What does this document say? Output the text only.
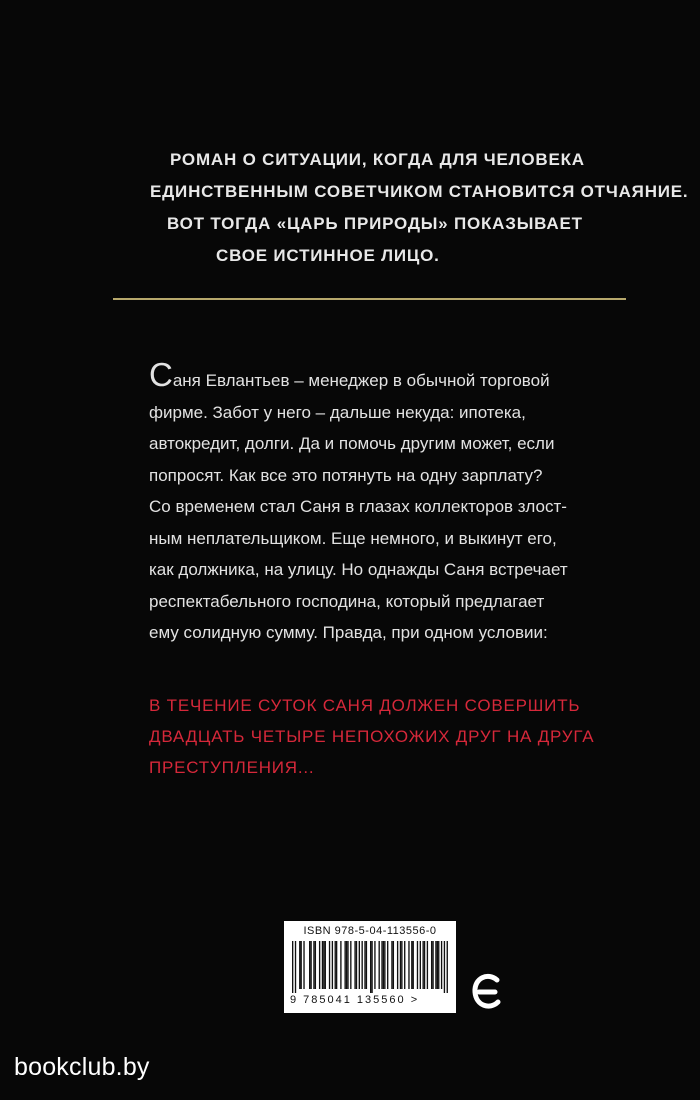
РОМАН О СИТУАЦИИ, КОГДА ДЛЯ ЧЕЛОВЕКА
ЕДИНСТВЕННЫМ СОВЕТЧИКОМ СТАНОВИТСЯ ОТЧАЯНИЕ.
ВОТ ТОГДА «ЦАРЬ ПРИРОДЫ» ПОКАЗЫВАЕТ
СВОЕ ИСТИННОЕ ЛИЦО.
Саня Евлантьев – менеджер в обычной торговой
фирме. Забот у него – дальше некуда: ипотека,
автокредит, долги. Да и помочь другим может, если
попросят. Как все это потянуть на одну зарплату?
Со временем стал Саня в глазах коллекторов злост-
ным неплательщиком. Еще немного, и выкинут его,
как должника, на улицу. Но однажды Саня встречает
респектабельного господина, который предлагает
ему солидную сумму. Правда, при одном условии:
В ТЕЧЕНИЕ СУТОК САНЯ ДОЛЖЕН СОВЕРШИТЬ
ДВАДЦАТЬ ЧЕТЫРЕ НЕПОХОЖИХ ДРУГ НА ДРУГА
ПРЕСТУПЛЕНИЯ...
ISBN 978-5-04-113556-0
9 785041 135560 >
bookclub.by
